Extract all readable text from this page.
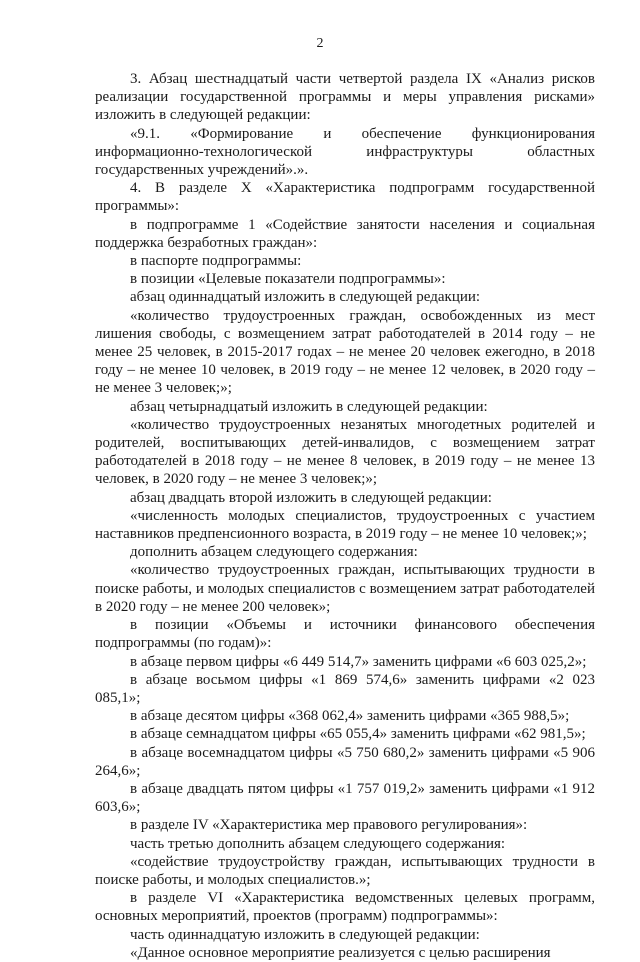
2

3. Абзац шестнадцатый части четвертой раздела IX «Анализ рисков реализации государственной программы и меры управления рисками» изложить в следующей редакции:

«9.1. «Формирование и обеспечение функционирования информационно-технологической инфраструктуры областных государственных учреждений».».

4. В разделе X «Характеристика подпрограмм государственной программы»:

в подпрограмме 1 «Содействие занятости населения и социальная поддержка безработных граждан»:

в паспорте подпрограммы:

в позиции «Целевые показатели подпрограммы»:

абзац одиннадцатый изложить в следующей редакции:

«количество трудоустроенных граждан, освобожденных из мест лишения свободы, с возмещением затрат работодателей в 2014 году – не менее 25 человек, в 2015-2017 годах – не менее 20 человек ежегодно, в 2018 году – не менее 10 человек, в 2019 году – не менее 12 человек, в 2020 году – не менее 3 человек;»;

абзац четырнадцатый изложить в следующей редакции:

«количество трудоустроенных незанятых многодетных родителей и родителей, воспитывающих детей-инвалидов, с возмещением затрат работодателей в 2018 году – не менее 8 человек, в 2019 году – не менее 13 человек, в 2020 году – не менее 3 человек;»;

абзац двадцать второй изложить в следующей редакции:

«численность молодых специалистов, трудоустроенных с участием наставников предпенсионного возраста, в 2019 году – не менее 10 человек;»;

дополнить абзацем следующего содержания:

«количество трудоустроенных граждан, испытывающих трудности в поиске работы, и молодых специалистов с возмещением затрат работодателей в 2020 году – не менее 200 человек»;

в позиции «Объемы и источники финансового обеспечения подпрограммы (по годам)»:

в абзаце первом цифры «6 449 514,7» заменить цифрами «6 603 025,2»;

в абзаце восьмом цифры «1 869 574,6» заменить цифрами «2 023 085,1»;

в абзаце десятом цифры «368 062,4» заменить цифрами «365 988,5»;

в абзаце семнадцатом цифры «65 055,4» заменить цифрами «62 981,5»;

в абзаце восемнадцатом цифры «5 750 680,2» заменить цифрами «5 906 264,6»;

в абзаце двадцать пятом цифры «1 757 019,2» заменить цифрами «1 912 603,6»;

в разделе IV «Характеристика мер правового регулирования»:

часть третью дополнить абзацем следующего содержания:

«содействие трудоустройству граждан, испытывающих трудности в поиске работы, и молодых специалистов.»;

в разделе VI «Характеристика ведомственных целевых программ, основных мероприятий, проектов (программ) подпрограммы»:

часть одиннадцатую изложить в следующей редакции:

«Данное основное мероприятие реализуется с целью расширения
